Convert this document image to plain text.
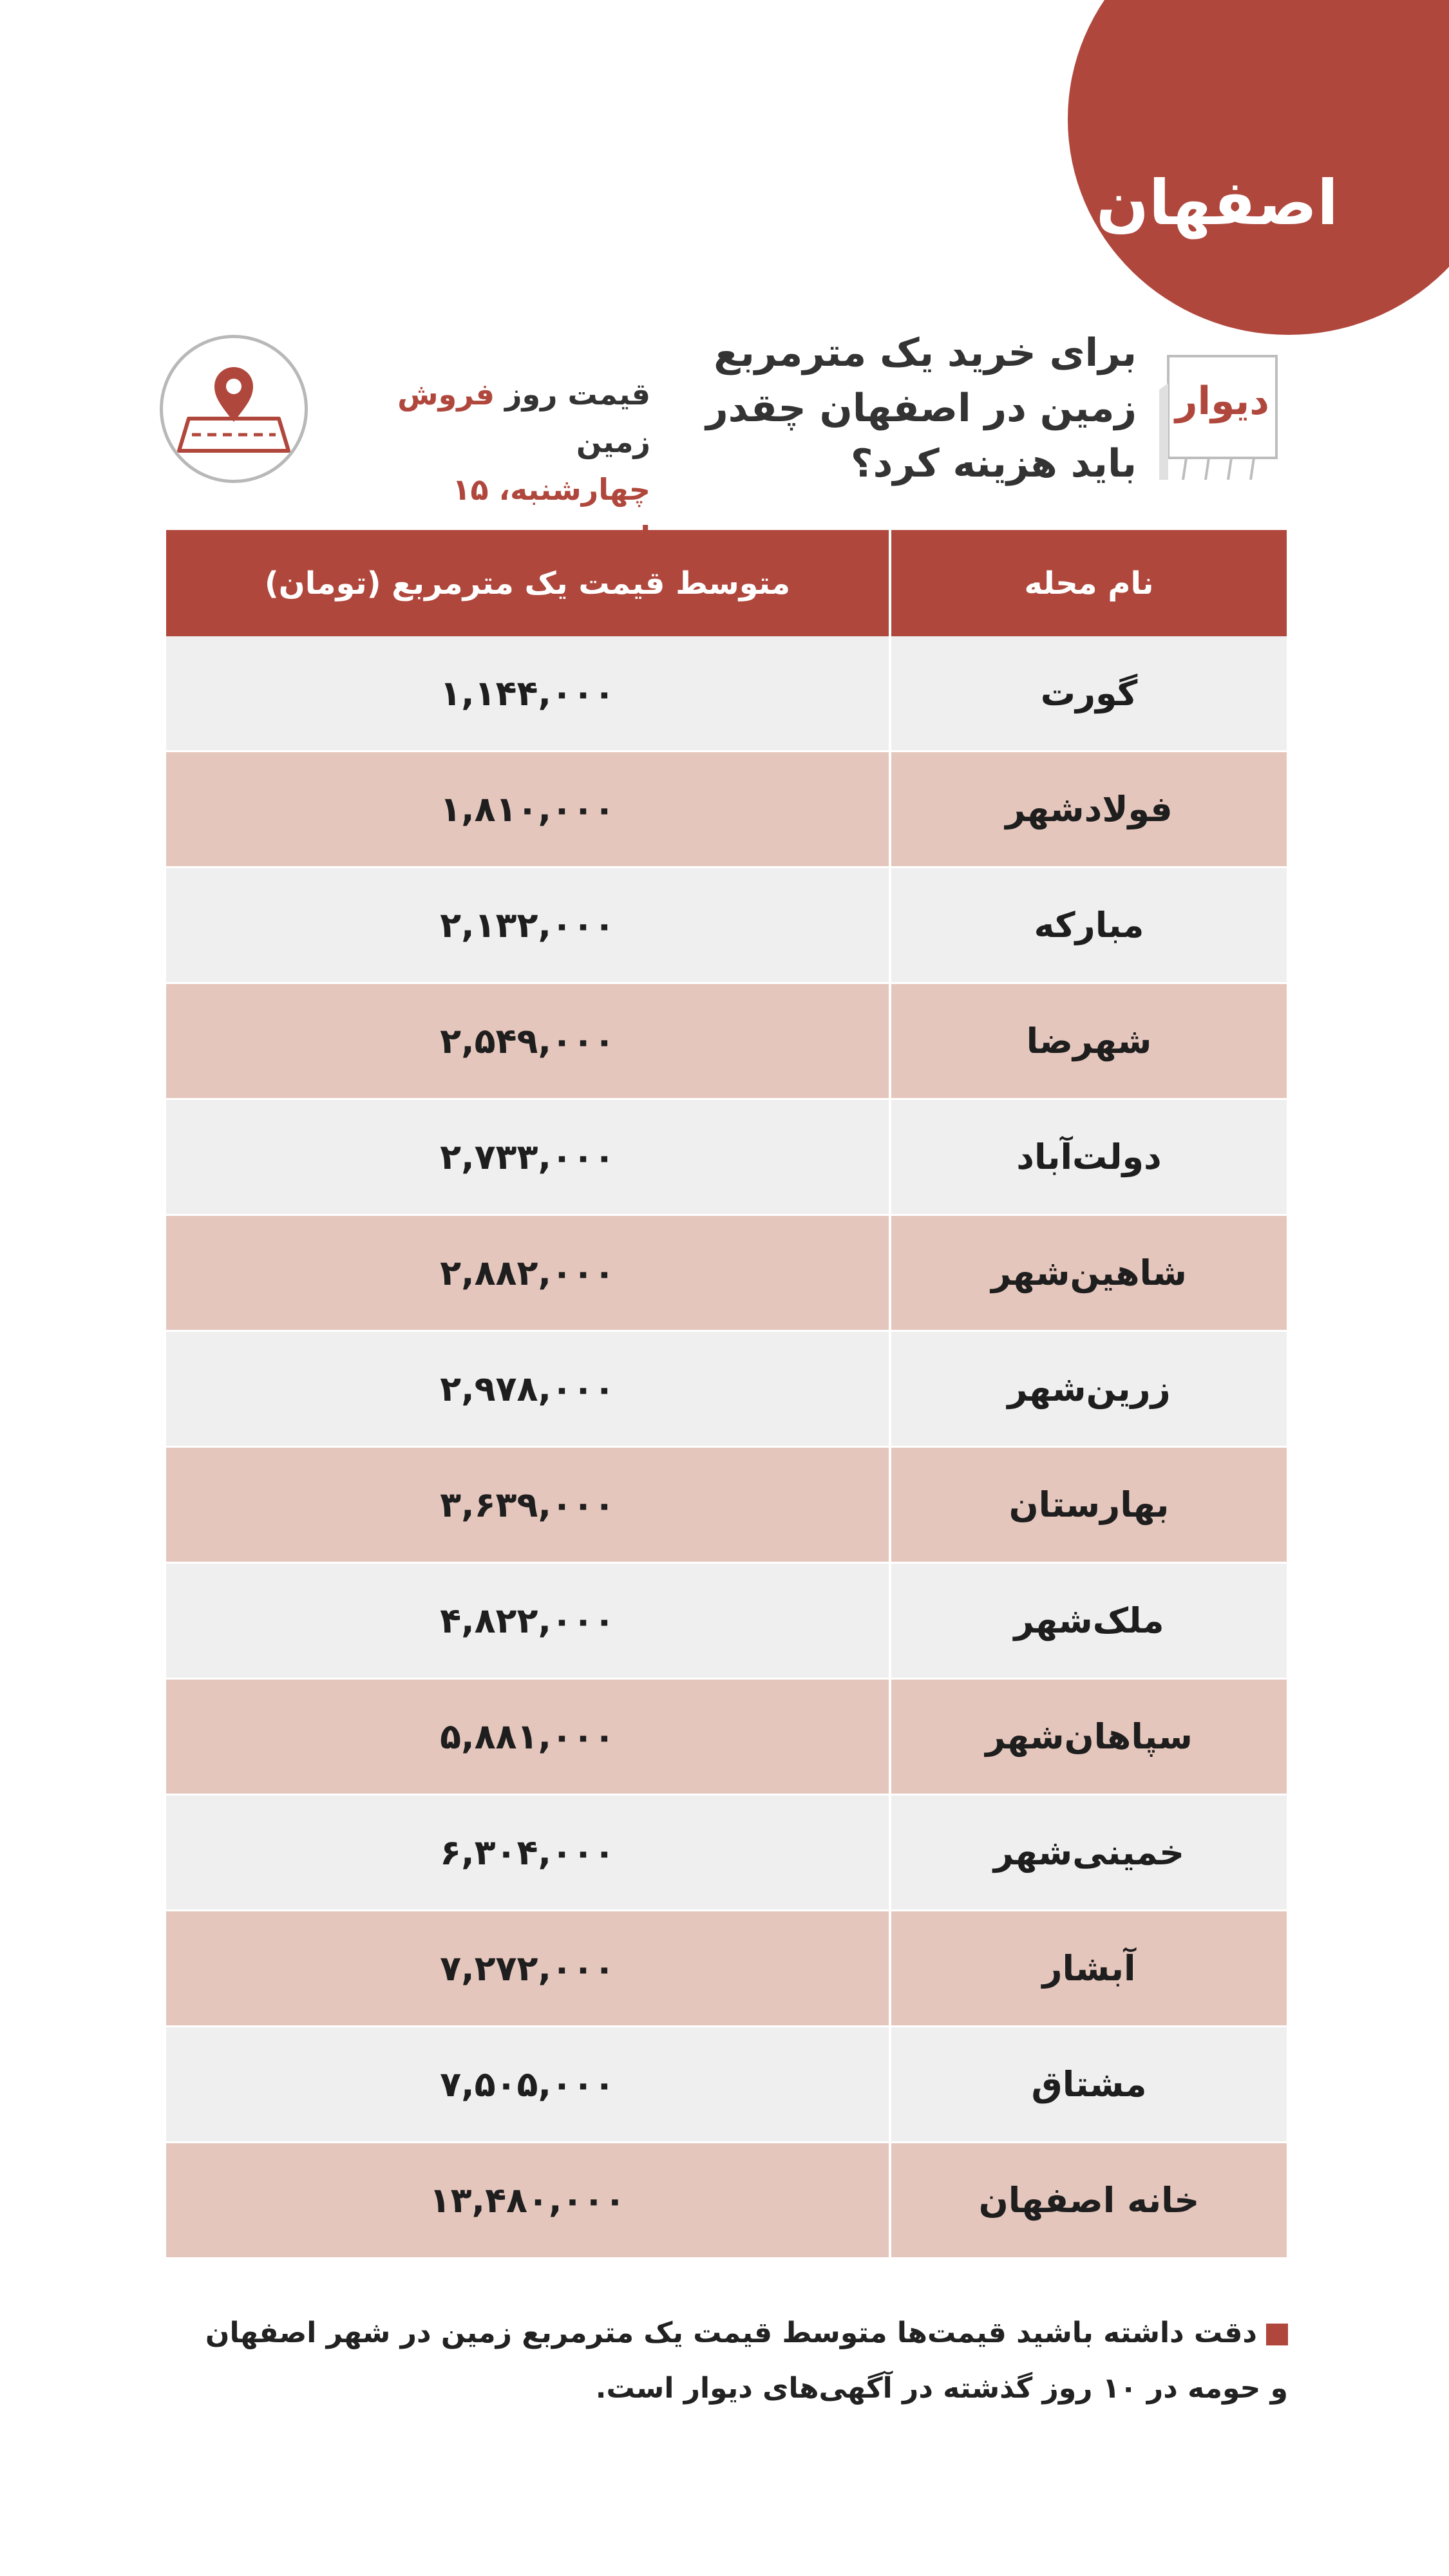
اصفهان
دیوار
برای خرید یک مترمربع زمین در اصفهان چقدر باید هزینه کرد؟
قیمت روز فروش زمین
چهارشنبه، ۱۵
متوسط قیمت یک مترمربع (تومان)	نام محله
۱,۱۴۴,۰۰۰	گورت
۱,۸۱۰,۰۰۰	فولادشهر
۲,۱۳۲,۰۰۰	مبارکه
۲,۵۴۹,۰۰۰	شهرضا
۲,۷۳۳,۰۰۰	دولت‌آباد
۲,۸۸۲,۰۰۰	شاهین‌شهر
۲,۹۷۸,۰۰۰	زرین‌شهر
۳,۶۳۹,۰۰۰	بهارستان
۴,۸۲۲,۰۰۰	ملک‌شهر
۵,۸۸۱,۰۰۰	سپاهان‌شهر
۶,۳۰۴,۰۰۰	خمینی‌شهر
۷,۲۷۲,۰۰۰	آبشار
۷,۵۰۵,۰۰۰	مشتاق
۱۳,۴۸۰,۰۰۰	خانه اصفهان
دقت داشته باشید قیمت‌ها متوسط قیمت یک مترمربع زمین در شهر اصفهان و حومه در ۱۰ روز گذشته در آگهی‌های دیوار است.
